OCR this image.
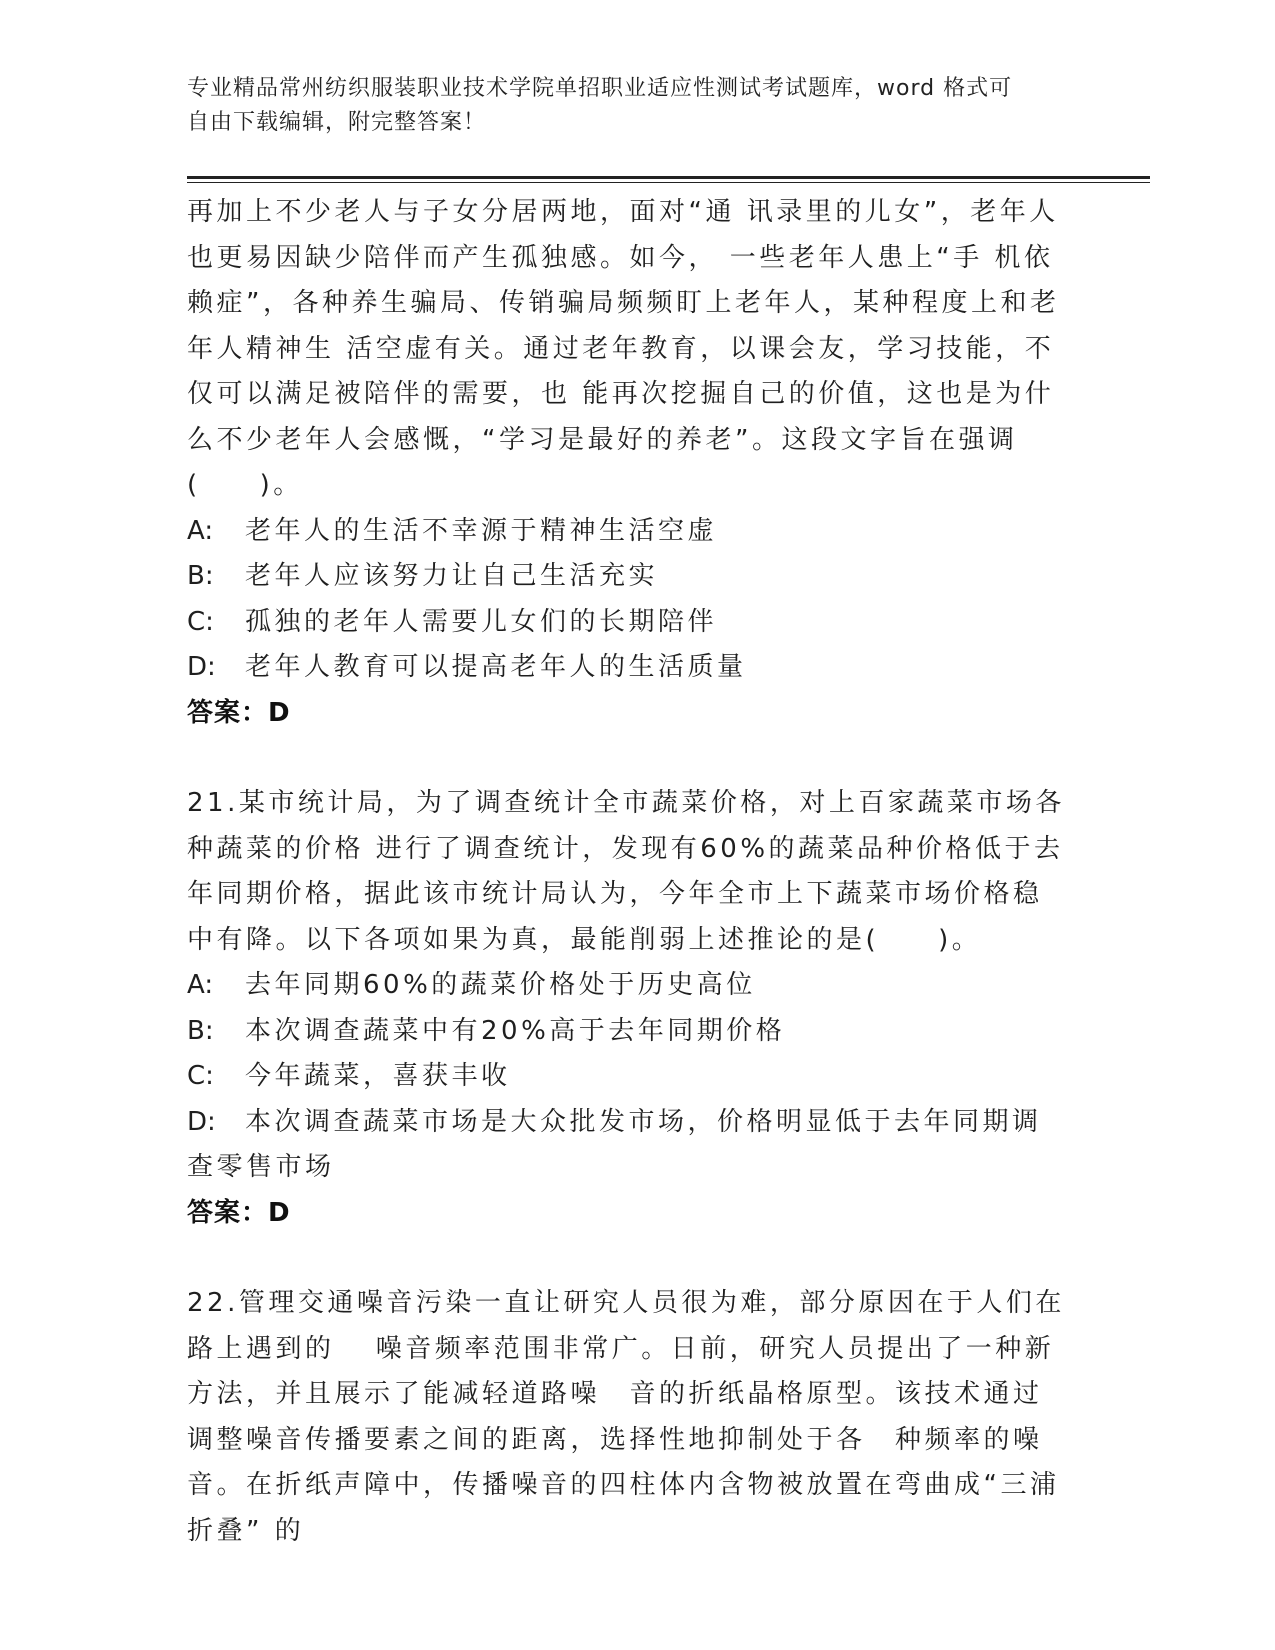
专业精品常州纺织服装职业技术学院单招职业适应性测试考试题库，word 格式可
自由下载编辑，附完整答案！

再加上不少老人与子女分居两地，面对“通 讯录里的儿女”，老年人也更易因缺少陪伴而产生孤独感。如今， 一些老年人患上“手 机依赖症”，各种养生骗局、传销骗局频频盯上老年人，某种程度上和老年人精神生 活空虚有关。通过老年教育，以课会友，学习技能，不仅可以满足被陪伴的需要，也 能再次挖掘自己的价值，这也是为什么不少老年人会感慨，“学习是最好的养老”。这段文字旨在强调(　　)。

A: 老年人的生活不幸源于精神生活空虚

B: 老年人应该努力让自己生活充实

C: 孤独的老年人需要儿女们的长期陪伴

D: 老年人教育可以提高老年人的生活质量

答案：D

21.某市统计局，为了调查统计全市蔬菜价格，对上百家蔬菜市场各种蔬菜的价格 进行了调查统计，发现有60%的蔬菜品种价格低于去年同期价格，据此该市统计局认为，今年全市上下蔬菜市场价格稳中有降。以下各项如果为真，最能削弱上述推论的是(　　)。

A: 去年同期60%的蔬菜价格处于历史高位

B: 本次调查蔬菜中有20%高于去年同期价格

C: 今年蔬菜，喜获丰收

D: 本次调查蔬菜市场是大众批发市场，价格明显低于去年同期调查零售市场

答案：D

22.管理交通噪音污染一直让研究人员很为难，部分原因在于人们在路上遇到的　 噪音频率范围非常广。日前，研究人员提出了一种新方法，并且展示了能减轻道路噪　音的折纸晶格原型。该技术通过调整噪音传播要素之间的距离，选择性地抑制处于各　种频率的噪音。在折纸声障中，传播噪音的四柱体内含物被放置在弯曲成“三浦折叠” 的
